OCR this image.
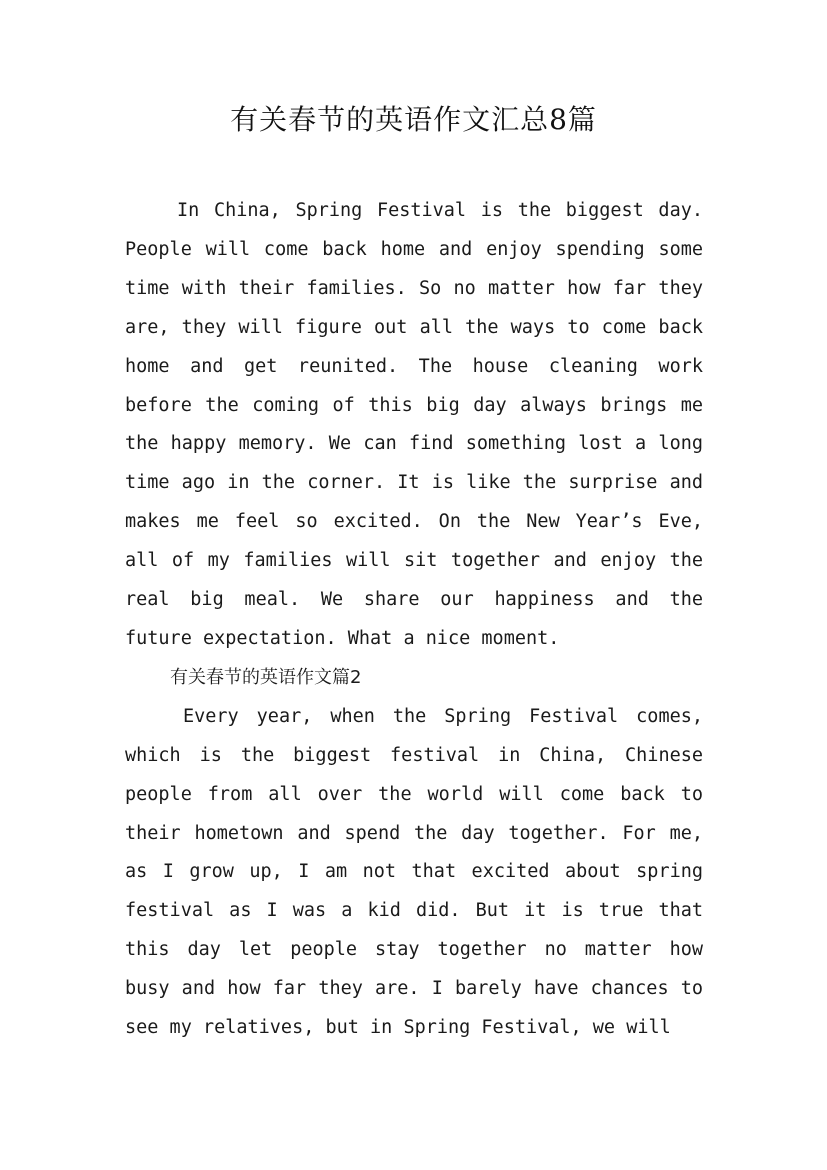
有关春节的英语作文汇总8篇

In China, Spring Festival is the biggest day. People will come back home and enjoy spending some time with their families. So no matter how far they are, they will figure out all the ways to come back home and get reunited. The house cleaning work before the coming of this big day always brings me the happy memory. We can find something lost a long time ago in the corner. It is like the surprise and makes me feel so excited. On the New Year’s Eve, all of my families will sit together and enjoy the real big meal. We share our happiness and the future expectation. What a nice moment.

有关春节的英语作文篇2

Every year, when the Spring Festival comes, which is the biggest festival in China, Chinese people from all over the world will come back to their hometown and spend the day together. For me, as I grow up, I am not that excited about spring festival as I was a kid did. But it is true that this day let people stay together no matter how busy and how far they are. I barely have chances to see my relatives, but in Spring Festival, we will
